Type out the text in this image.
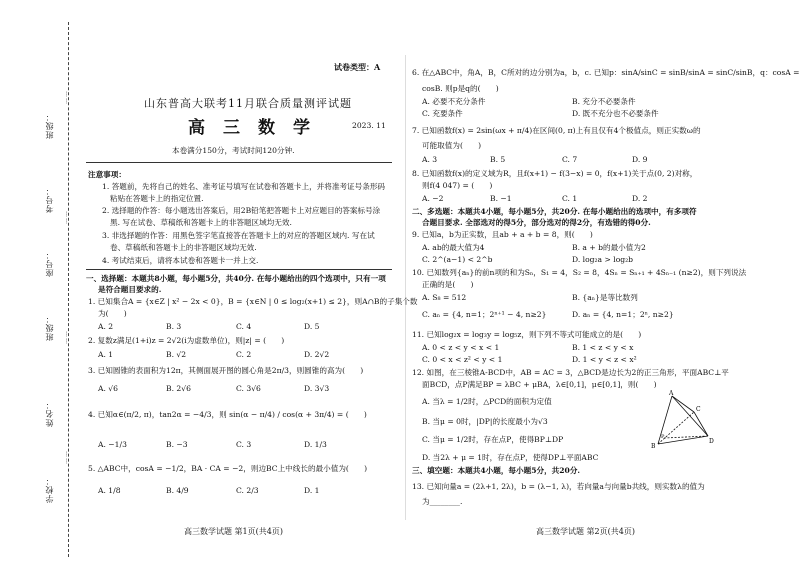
学校：
姓名：
班级：
座号：
考号：
班级：
……
……
……
……
试卷类型：A
山东普高大联考11月联合质量测评试题
高三数学	2023. 11
本卷满分150分，考试时间120分钟.
注意事项：
1. 答题前，先将自己的姓名、准考证号填写在试卷和答题卡上，并将准考证号条形码
粘贴在答题卡上的指定位置.
2. 选择题的作答：每小题选出答案后，用2B铅笔把答题卡上对应题目的答案标号涂
黑. 写在试卷、草稿纸和答题卡上的非答题区域均无效.
3. 非选择题的作答：用黑色签字笔直接答在答题卡上的对应的答题区域内. 写在试
卷、草稿纸和答题卡上的非答题区域均无效.
4. 考试结束后，请将本试卷和答题卡一并上交.
一、选择题：本题共8小题，每小题5分，共40分. 在每小题给出的四个选项中，只有一项
是符合题目要求的.
1. 已知集合A = {x∈Z | x² − 2x < 0}，B = {x∈N | 0 ≤ log₂(x+1) ≤ 2}，则A∩B的子集个数
为(　　)
A. 2	B. 3	C. 4	D. 5
2. 复数z满足(1+i)z = 2√2(i为虚数单位)，则|z| = (　　)
A. 1	B. √2	C. 2	D. 2√2
3. 已知圆锥的表面积为12π，其侧面展开图的圆心角是2π/3，则圆锥的高为(　　)
A. √6	B. 2√6	C. 3√6	D. 3√3
4. 已知α∈(π/2, π)，tan2α = −4/3，则 sin(α − π/4) / cos(α + 3π/4) = (　　)
A. −1/3	B. −3	C. 3	D. 1/3
5. △ABC中，cosA = −1/2，BA · CA = −2，则边BC上中线长的最小值为(　　)
A. 1/8	B. 4/9	C. 2/3	D. 1
高三数学试题 第1页(共4页)
6. 在△ABC中，角A，B，C所对的边分别为a，b，c. 已知p：sinA/sinC = sinB/sinA = sinC/sinB，q：cosA =
cosB. 则p是q的(　　)
A. 必要不充分条件	B. 充分不必要条件
C. 充要条件	D. 既不充分也不必要条件
7. 已知函数f(x) = 2sin(ωx + π/4)在区间(0, π)上有且仅有4个极值点，则正实数ω的
可能取值为(　　)
A. 3	B. 5	C. 7	D. 9
8. 已知函数f(x)的定义域为R，且f(x+1) − f(3−x) = 0，f(x+1)关于点(0, 2)对称，
则f(4 047) = (　　)
A. −2	B. −1	C. 1	D. 2
二、多选题：本题共4小题，每小题5分，共20分. 在每小题给出的选项中，有多项符
合题目要求. 全部选对的得5分，部分选对的得2分，有选错的得0分.
9. 已知a，b为正实数，且ab + a + b = 8，则(　　)
A. ab的最大值为4	B. a + b的最小值为2
C. 2^(a−1) < 2^b	D. log₂a > log₂b
10. 已知数列{aₙ}的前n项的和为Sₙ，S₁ = 4，S₂ = 8，4Sₙ = Sₙ₊₁ + 4Sₙ₋₁ (n≥2)，则下列说法
正确的是(　　)
A. S₈ = 512	B. {aₙ}是等比数列
C. aₙ = {4, n=1；2ⁿ⁺¹ − 4, n≥2}	D. aₙ = {4, n=1；2ⁿ, n≥2}
11. 已知log₂x = log₃y = log₅z，则下列不等式可能成立的是(　　)
A. 0 < z < y < x < 1	B. 1 < z < y < x
C. 0 < x < z² < y < 1	D. 1 < y < z < x²
12. 如图，在三棱锥A-BCD中，AB = AC = 3，△BCD是边长为2的正三角形，平面ABC⊥平
面BCD，点P满足BP = λBC + μBA，λ∈[0,1]，μ∈[0,1]，则(　　)
A. 当λ = 1/2时，△PCD的面积为定值
B. 当μ = 0时，|DP|的长度最小为√3
C. 当μ = 1/2时，存在点P，使得BP⊥DP
D. 当2λ + μ = 1时，存在点P，使得DP⊥平面ABC
A
B
C
D
P
三、填空题：本题共4小题，每小题5分，共20分.
13. 已知向量a = (2λ+1, 2λ)，b = (λ−1, λ)，若向量a与向量b共线，则实数λ的值为
为________.
高三数学试题 第2页(共4页)
